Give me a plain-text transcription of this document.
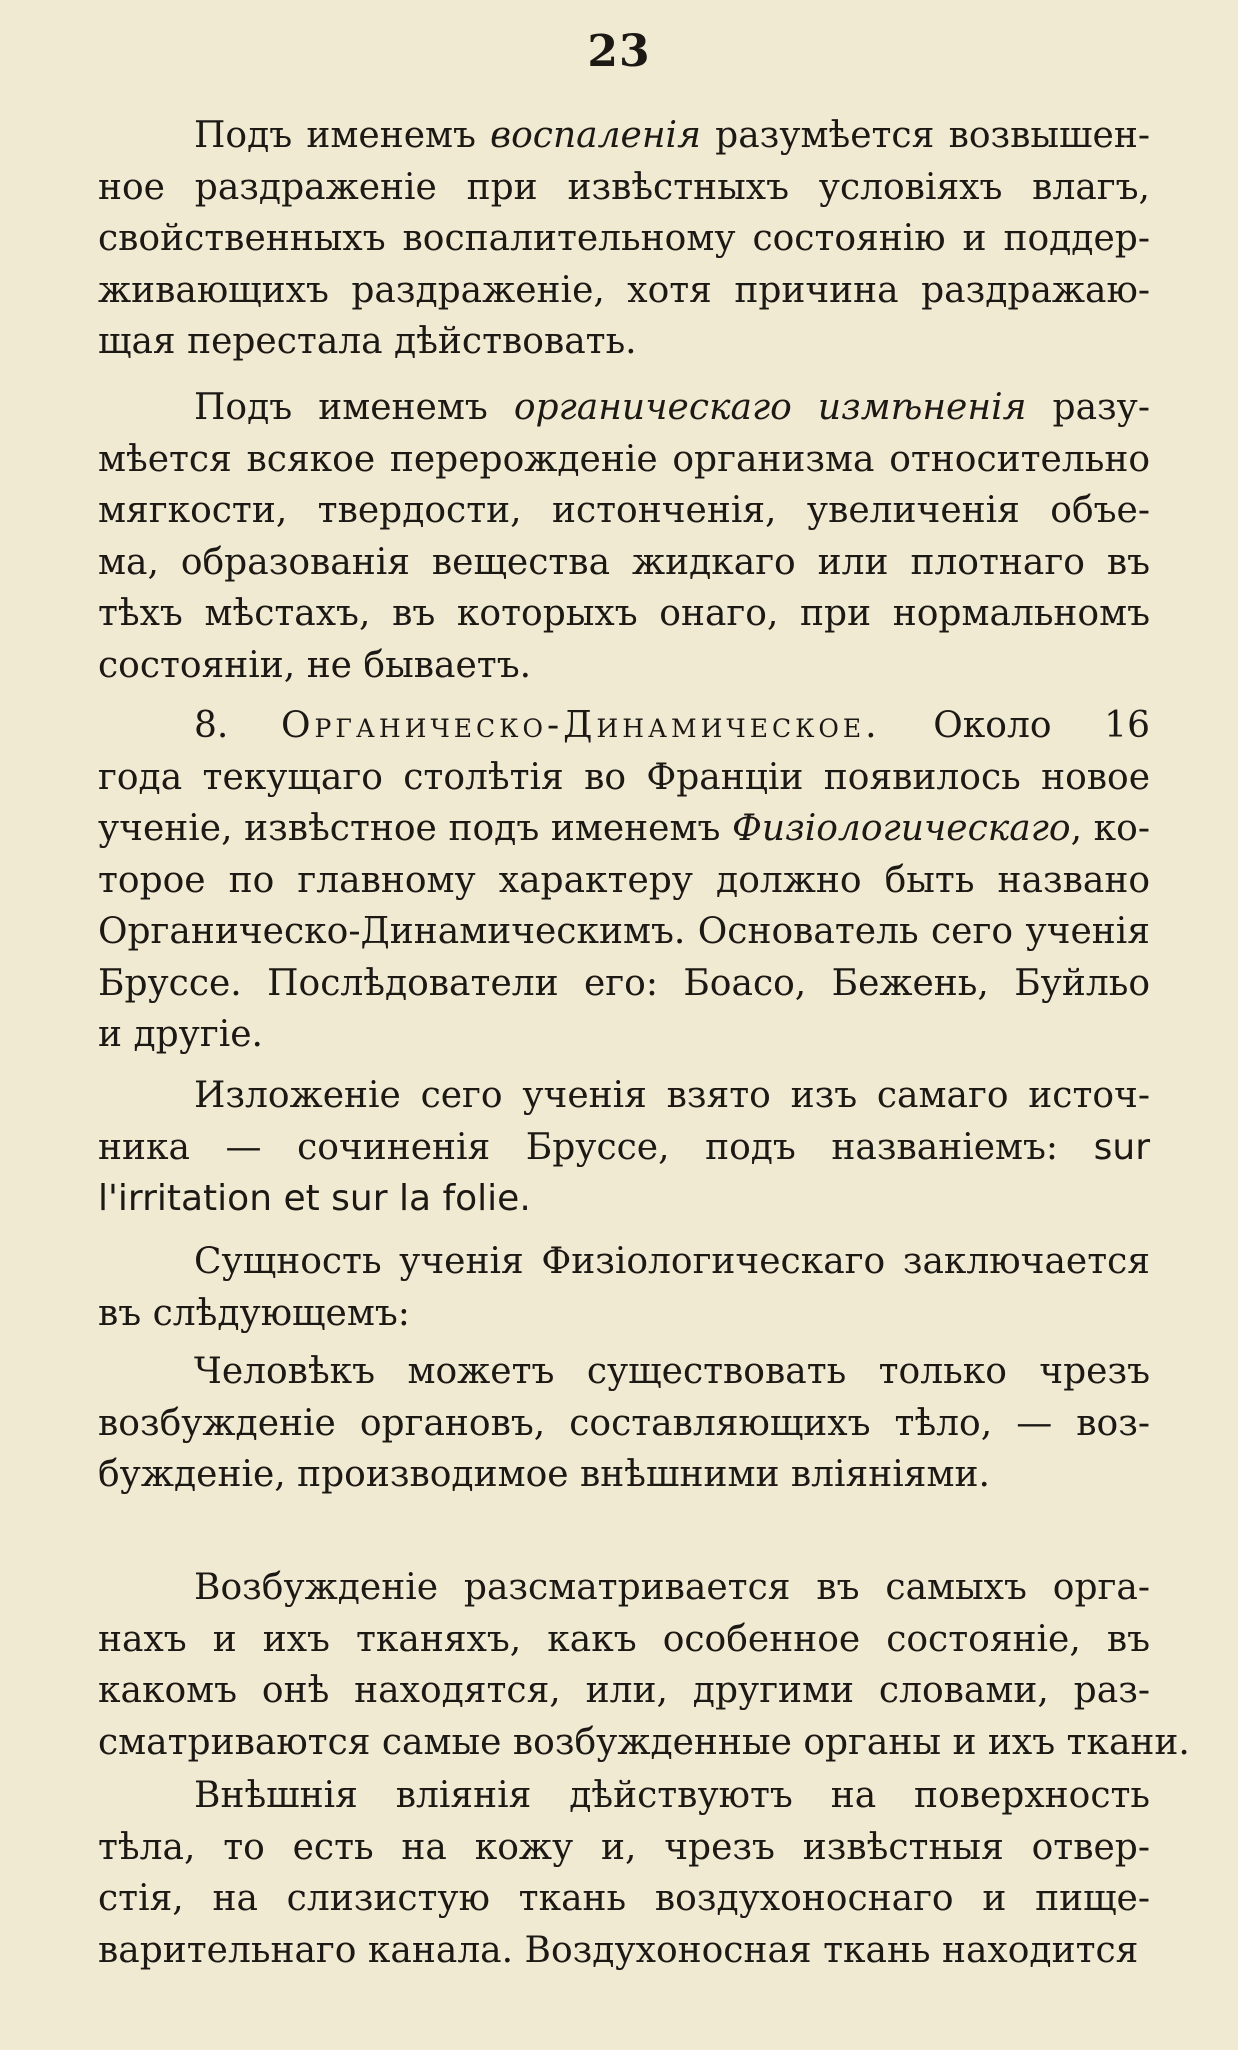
23
Подъ именемъ воспаленія разумѣется возвышен-
ное раздраженіе при извѣстныхъ условіяхъ влагъ,
свойственныхъ воспалительному состоянію и поддер-
живающихъ раздраженіе, хотя причина раздражаю-
щая перестала дѣйствовать.
Подъ именемъ органическаго измѣненія разу-
мѣется всякое перерожденіе организма относительно
мягкости, твердости, истонченія, увеличенія объе-
ма, образованія вещества жидкаго или плотнаго въ
тѣхъ мѣстахъ, въ которыхъ онаго, при нормальномъ
состояніи, не бываетъ.
8. Органическо-Динамическое. Около 16
года текущаго столѣтія во Франціи появилось новое
ученіе, извѣстное подъ именемъ Физіологическаго, ко-
торое по главному характеру должно быть названо
Органическо-Динамическимъ. Основатель сего ученія
Бруссе. Послѣдователи его: Боасо, Бежень, Буйльо
и другіе.
Изложеніе сего ученія взято изъ самаго источ-
ника — сочиненія Бруссе, подъ названіемъ: sur
l'irritation et sur la folie.
Сущность ученія Физіологическаго заключается
въ слѣдующемъ:
Человѣкъ можетъ существовать только чрезъ
возбужденіе органовъ, составляющихъ тѣло, — воз-
бужденіе, производимое внѣшними вліяніями.
Возбужденіе разсматривается въ самыхъ орга-
нахъ и ихъ тканяхъ, какъ особенное состояніе, въ
какомъ онѣ находятся, или, другими словами, раз-
сматриваются самые возбужденные органы и ихъ ткани.
Внѣшнія вліянія дѣйствуютъ на поверхность
тѣла, то есть на кожу и, чрезъ извѣстныя отвер-
стія, на слизистую ткань воздухоноснаго и пище-
варительнаго канала. Воздухоносная ткань находится
